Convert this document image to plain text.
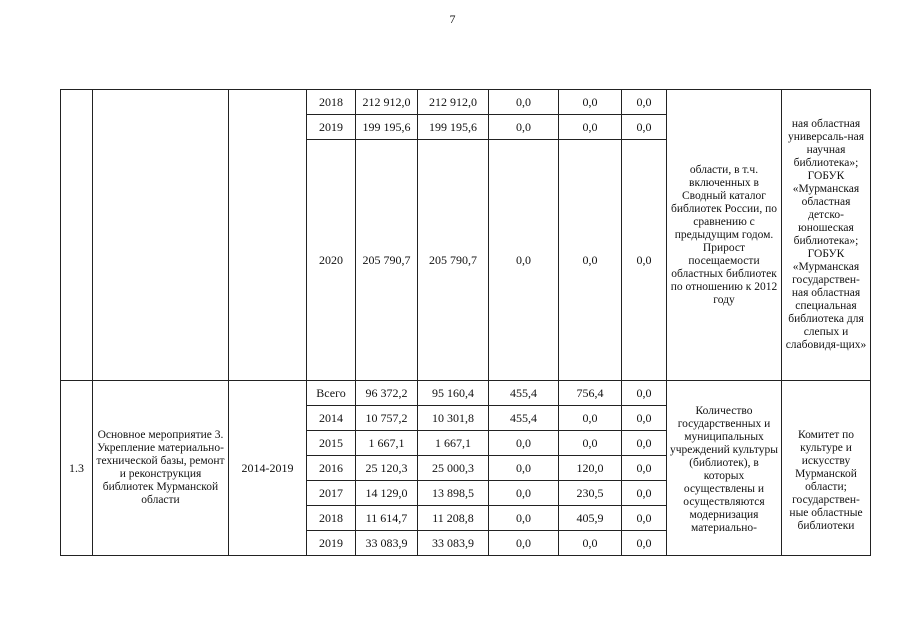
7
			2018	212 912,0	212 912,0	0,0	0,0	0,0	области, в т.ч. включенных в Сводный каталог библиотек России, по сравнению с предыдущим годом.
Прирост посещаемости областных библиотек по отношению к 2012 году	ная областная универсаль-ная научная библиотека»;
ГОБУК «Мурманская областная детско-юношеская библиотека»;
ГОБУК «Мурманская государствен-ная областная специальная библиотека для слепых и слабовидя-щих»

			2019	199 195,6	199 195,6	0,0	0,0	0,0		
			2020	205 790,7	205 790,7	0,0	0,0	0,0		
1.3	Основное мероприятие 3. Укрепление материально-технической базы, ремонт и реконструкция библиотек Мурманской области	2014-2019	Всего	96 372,2	95 160,4	455,4	756,4	0,0	Количество государственных и муниципальных учреждений культуры (библиотек), в которых осуществлены и осуществляются модернизация материально-	Комитет по культуре и искусству Мурманской области; государствен-ные областные библиотеки

			2014	10 757,2	10 301,8	455,4	0,0	0,0		
			2015	1 667,1	1 667,1	0,0	0,0	0,0		
			2016	25 120,3	25 000,3	0,0	120,0	0,0		
			2017	14 129,0	13 898,5	0,0	230,5	0,0		
			2018	11 614,7	11 208,8	0,0	405,9	0,0		
			2019	33 083,9	33 083,9	0,0	0,0	0,0		
